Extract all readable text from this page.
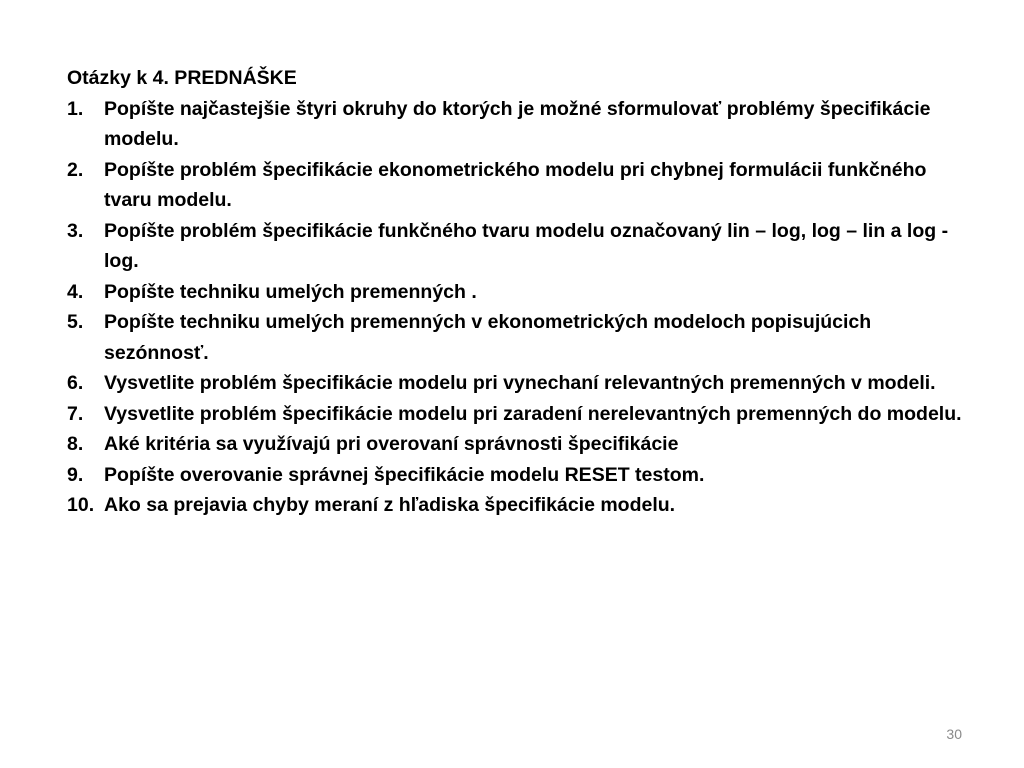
Otázky k 4. PREDNÁŠKE
1.	Popíšte najčastejšie štyri okruhy do ktorých je možné sformulovať problémy špecifikácie modelu.
2.	Popíšte problém špecifikácie ekonometrického modelu pri chybnej formulácii funkčného tvaru modelu.
3.	Popíšte problém špecifikácie funkčného tvaru modelu označovaný lin – log, log – lin a log -log.
4.	Popíšte techniku umelých premenných .
5.	Popíšte techniku umelých premenných v ekonometrických modeloch popisujúcich sezónnosť.
6.	Vysvetlite problém špecifikácie modelu pri vynechaní relevantných premenných v modeli.
7.	Vysvetlite problém špecifikácie modelu pri zaradení nerelevantných premenných do modelu.
8.	Aké kritéria sa využívajú pri overovaní správnosti špecifikácie
9.	Popíšte overovanie správnej špecifikácie modelu RESET testom.
10. Ako sa prejavia chyby meraní z hľadiska špecifikácie modelu.
30
